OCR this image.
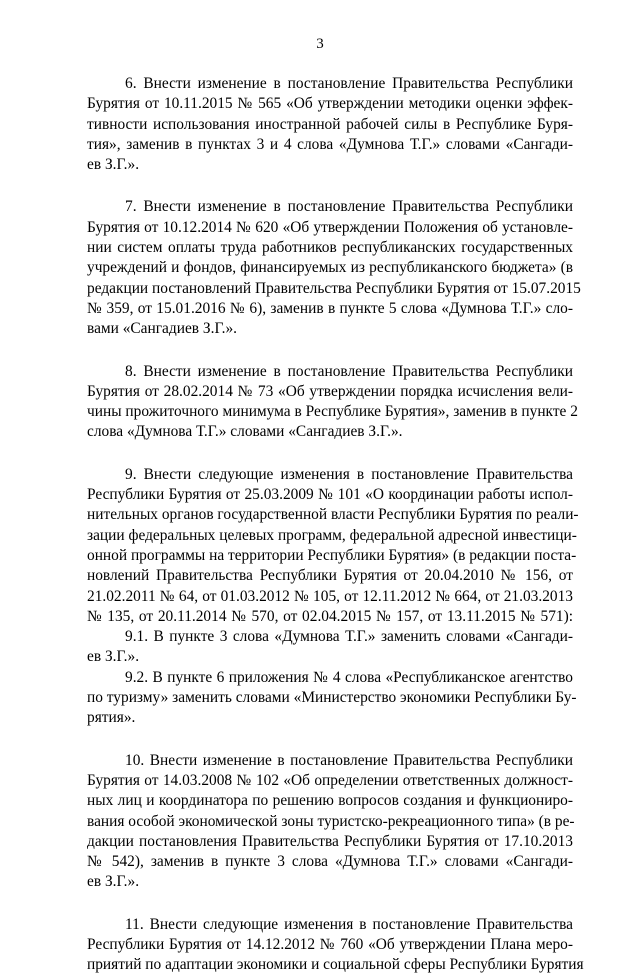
3
6. Внести изменение в постановление Правительства Республики
Бурятия от 10.11.2015 № 565 «Об утверждении методики оценки эффек-
тивности использования иностранной рабочей силы в Республике Буря-
тия», заменив в пунктах 3 и 4 слова «Думнова Т.Г.» словами «Сангади-
ев З.Г.».
7. Внести изменение в постановление Правительства Республики
Бурятия от 10.12.2014 № 620 «Об утверждении Положения об установле-
нии систем оплаты труда работников республиканских государственных
учреждений и фондов, финансируемых из республиканского бюджета» (в
редакции постановлений Правительства Республики Бурятия от 15.07.2015
№ 359, от 15.01.2016 № 6), заменив в пункте 5 слова «Думнова Т.Г.» сло-
вами «Сангадиев З.Г.».
8. Внести изменение в постановление Правительства Республики
Бурятия от 28.02.2014 № 73 «Об утверждении порядка исчисления вели-
чины прожиточного минимума в Республике Бурятия», заменив в пункте 2
слова «Думнова Т.Г.» словами «Сангадиев З.Г.».
9. Внести следующие изменения в постановление Правительства
Республики Бурятия от 25.03.2009 № 101 «О координации работы испол-
нительных органов государственной власти Республики Бурятия по реали-
зации федеральных целевых программ, федеральной адресной инвестици-
онной программы на территории Республики Бурятия» (в редакции поста-
новлений Правительства Республики Бурятия от 20.04.2010 № 156, от
21.02.2011 № 64, от 01.03.2012 № 105, от 12.11.2012 № 664, от 21.03.2013
№ 135, от 20.11.2014 № 570, от 02.04.2015 № 157, от 13.11.2015 № 571):
9.1. В пункте 3 слова «Думнова Т.Г.» заменить словами «Сангади-
ев З.Г.».
9.2. В пункте 6 приложения № 4 слова «Республиканское агентство
по туризму» заменить словами «Министерство экономики Республики Бу-
рятия».
10. Внести изменение в постановление Правительства Республики
Бурятия от 14.03.2008 № 102 «Об определении ответственных должност-
ных лиц и координатора по решению вопросов создания и функциониро-
вания особой экономической зоны туристско-рекреационного типа» (в ре-
дакции постановления Правительства Республики Бурятия от 17.10.2013
№ 542), заменив в пункте 3 слова «Думнова Т.Г.» словами «Сангади-
ев З.Г.».
11. Внести следующие изменения в постановление Правительства
Республики Бурятия от 14.12.2012 № 760 «Об утверждении Плана меро-
приятий по адаптации экономики и социальной сферы Республики Бурятия
